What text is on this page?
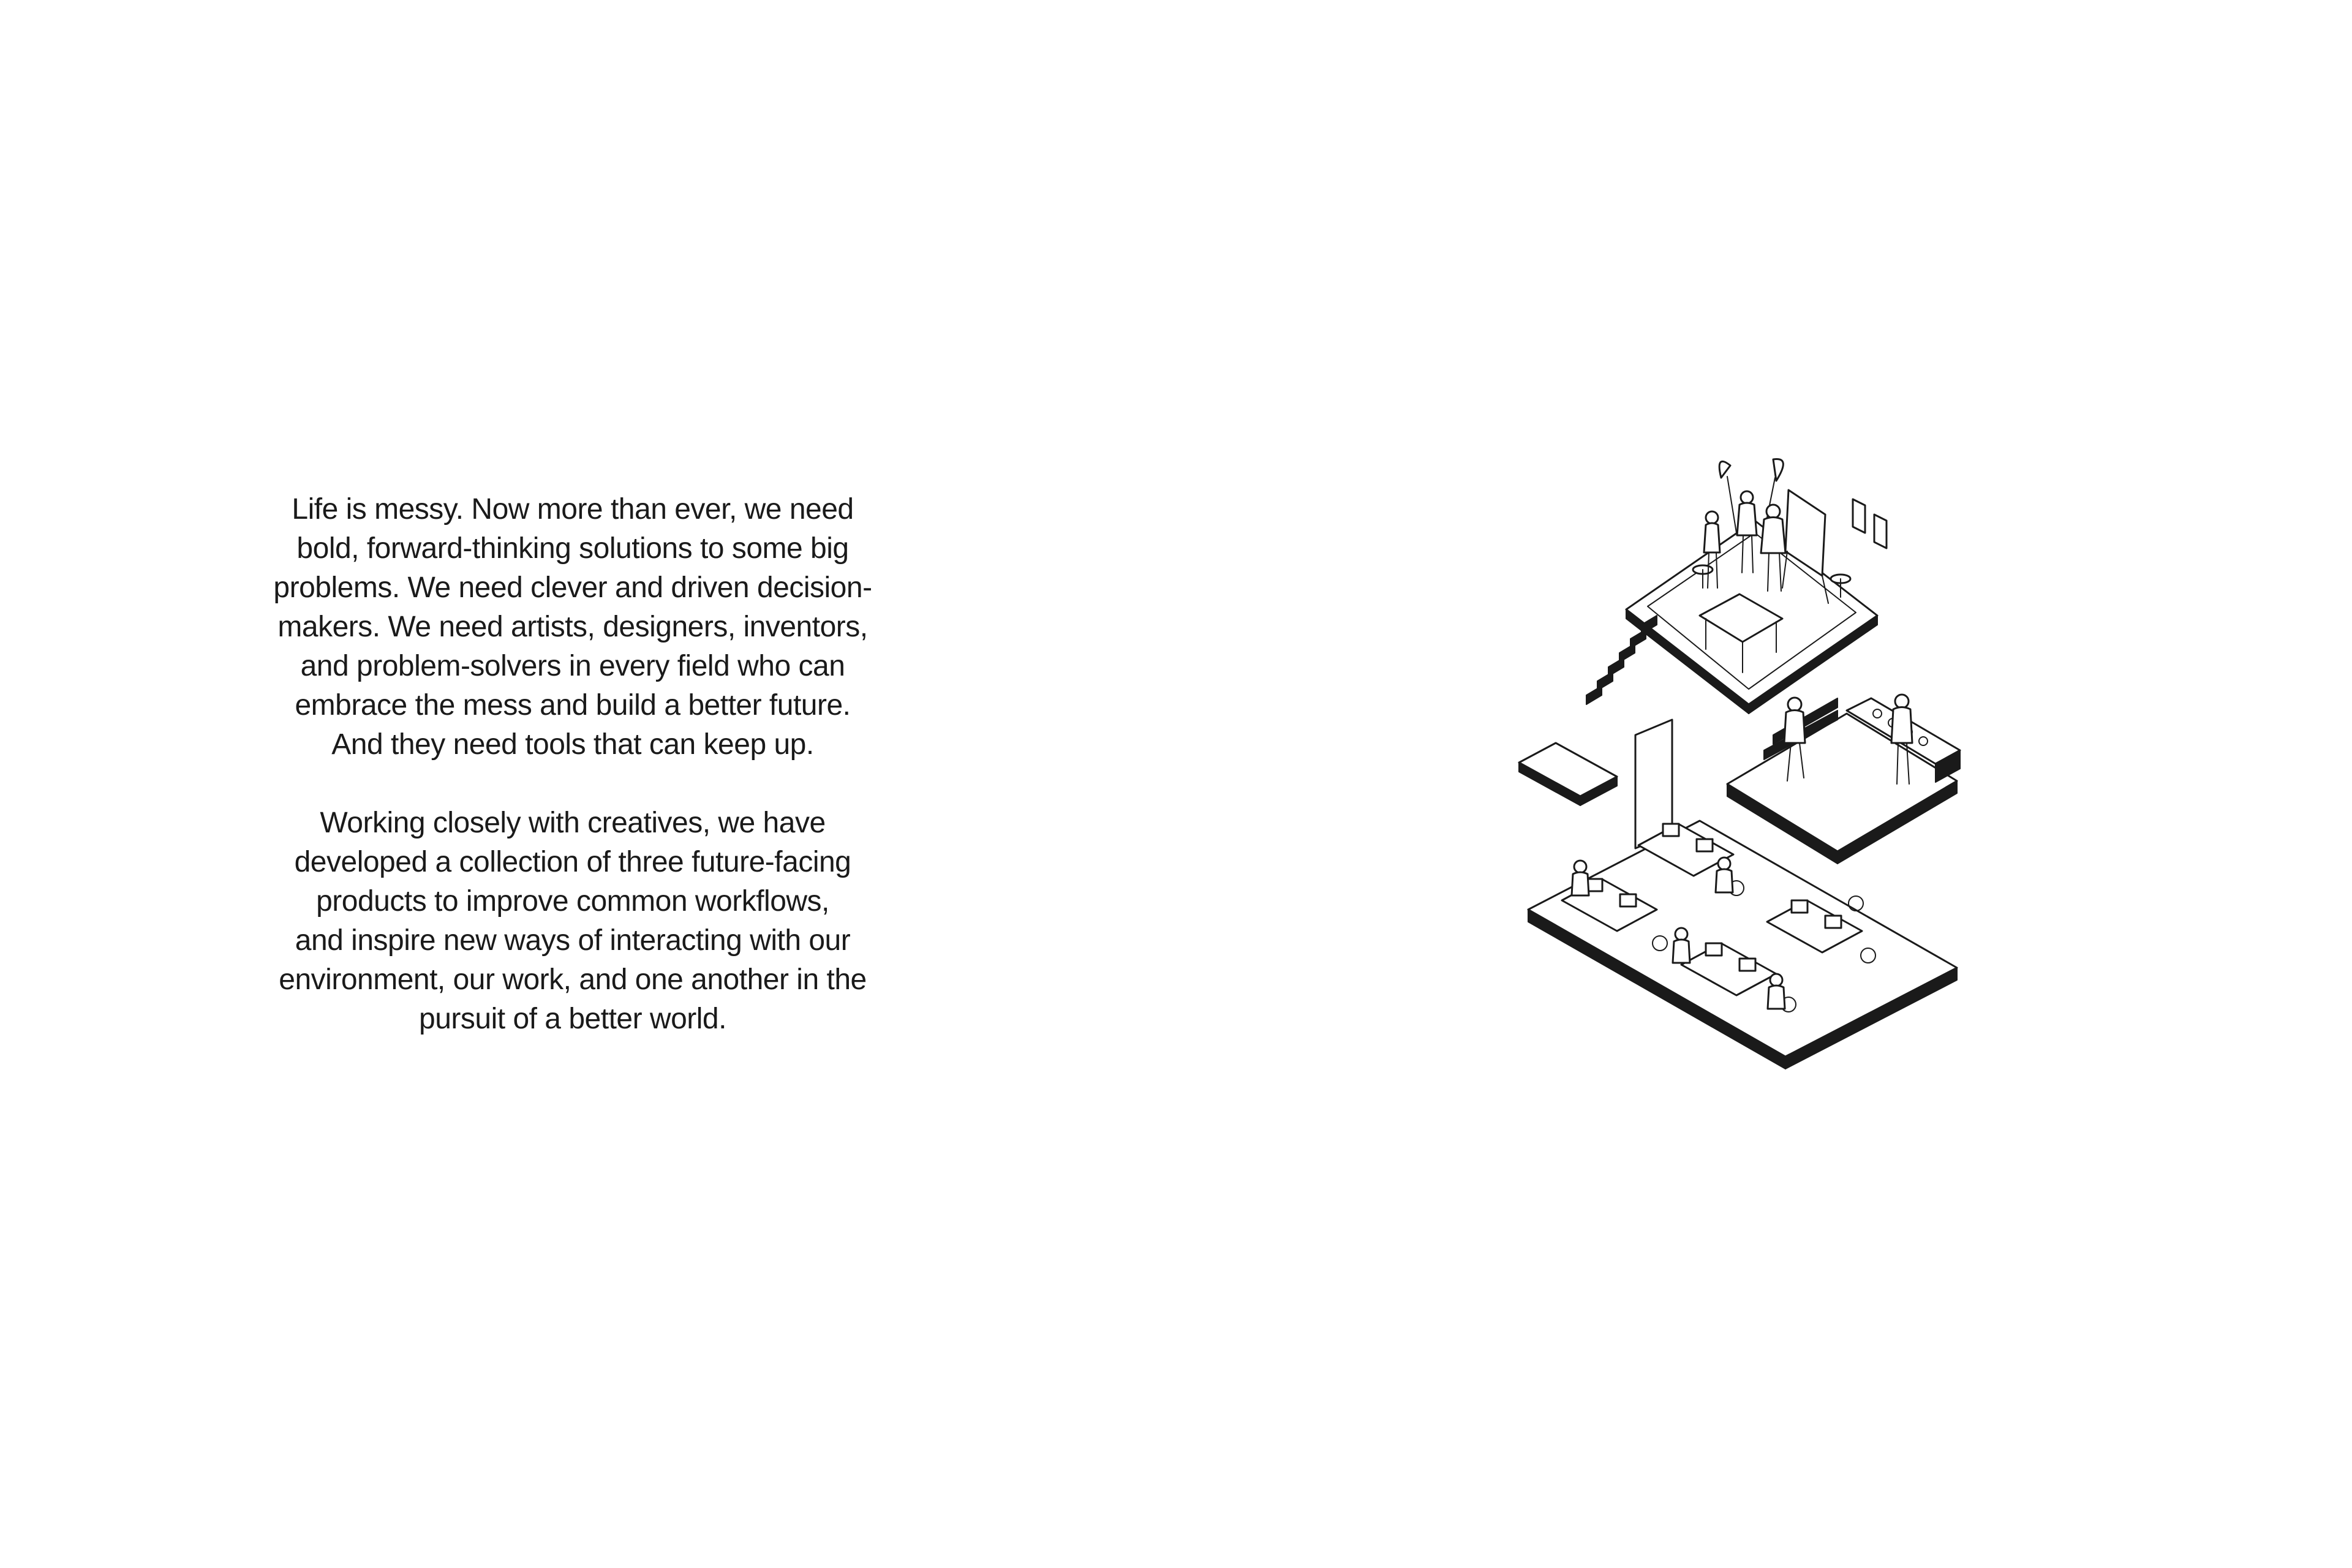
Life is messy. Now more than ever, we need
bold, forward-thinking solutions to some big
problems. We need clever and driven decision-
makers. We need artists, designers, inventors,
and problem-solvers in every field who can
embrace the mess and build a better future.
And they need tools that can keep up.

Working closely with creatives, we have
developed a collection of three future-facing
products to improve common workflows,
and inspire new ways of interacting with our
environment, our work, and one another in the
pursuit of a better world.
